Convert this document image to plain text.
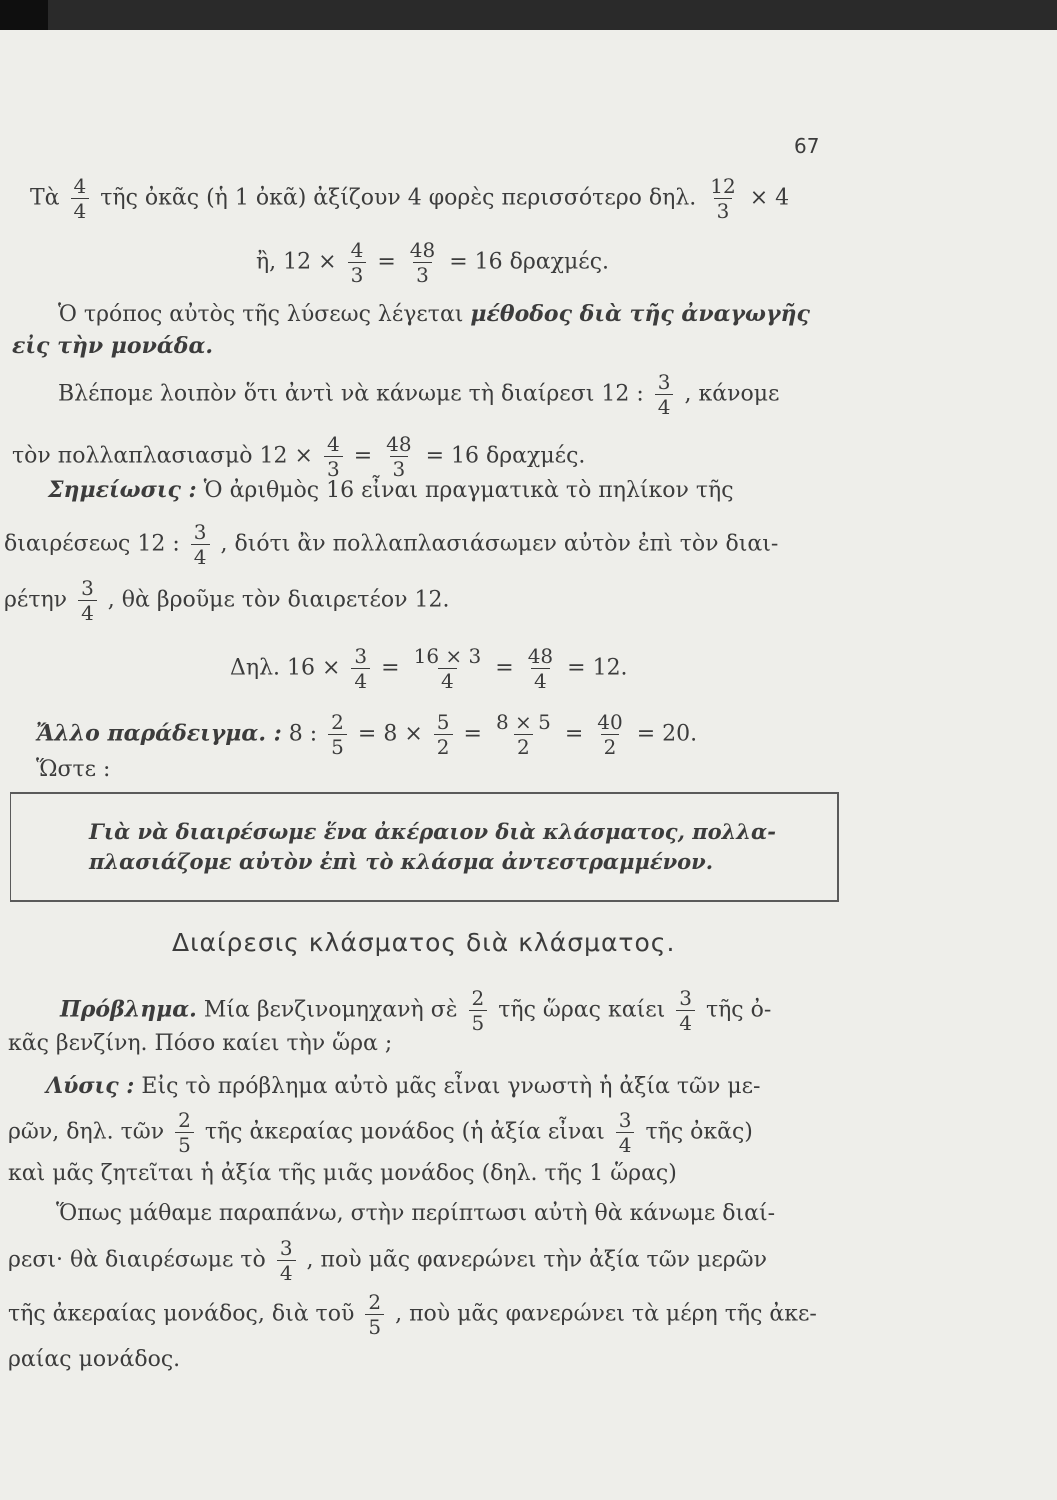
67
Τὰ $\frac{4}{4}$ τῆς ὀκᾶς (ἡ 1 ὀκᾶ) ἀξίζουν 4 φορὲς περισσότερο δηλ. $\frac{12}{3} \times 4$
ἢ, $12 \times \frac{4}{3} = \frac{48}{3} = 16$ δραχμές.
Ὁ τρόπος αὐτὸς τῆς λύσεως λέγεται μέθοδος διὰ τῆς ἀναγωγῆς
εἰς τὴν μονάδα.
Βλέπομε λοιπὸν ὅτι ἀντὶ νὰ κάνωμε τὴ διαίρεσι 12 : $\frac{3}{4}$ , κάνομε
τὸν πολλαπλασιασμὸ $12 \times \frac{4}{3} = \frac{48}{3} = 16$ δραχμές.
Σημείωσις : Ὁ ἀριθμὸς 16 εἶναι πραγματικὰ τὸ πηλίκον τῆς
διαιρέσεως 12 : $\frac{3}{4}$ , διότι ἂν πολλαπλασιάσωμεν αὐτὸν ἐπὶ τὸν διαι-
ρέτην $\frac{3}{4}$ , θὰ βροῦμε τὸν διαιρετέον 12.
Δηλ. $16 \times \frac{3}{4} = \frac{16 \times 3}{4} = \frac{48}{4} = 12$.
Ἄλλο παράδειγμα. : 8 : $\frac{2}{5} = 8 \times \frac{5}{2} = \frac{8 \times 5}{2} = \frac{40}{2} = 20$.
Ὥστε :
Γιὰ νὰ διαιρέσωμε ἕνα ἀκέραιον διὰ κλάσματος, πολλα-
πλασιάζομε αὐτὸν ἐπὶ τὸ κλάσμα ἀντεστραμμένον.
Διαίρεσις κλάσματος διὰ κλάσματος.
Πρόβλημα. Μία βενζινομηχανὴ σὲ $\frac{2}{5}$ τῆς ὥρας καίει $\frac{3}{4}$ τῆς ὀ-
κᾶς βενζίνη. Πόσο καίει τὴν ὥρα ;
Λύσις : Εἰς τὸ πρόβλημα αὐτὸ μᾶς εἶναι γνωστὴ ἡ ἀξία τῶν με-
ρῶν, δηλ. τῶν $\frac{2}{5}$ τῆς ἀκεραίας μονάδος (ἡ ἀξία εἶναι $\frac{3}{4}$ τῆς ὀκᾶς)
καὶ μᾶς ζητεῖται ἡ ἀξία τῆς μιᾶς μονάδος (δηλ. τῆς 1 ὥρας)
Ὅπως μάθαμε παραπάνω, στὴν περίπτωσι αὐτὴ θὰ κάνωμε διαί-
ρεσι· θὰ διαιρέσωμε τὸ $\frac{3}{4}$ , ποὺ μᾶς φανερώνει τὴν ἀξία τῶν μερῶν
τῆς ἀκεραίας μονάδος, διὰ τοῦ $\frac{2}{5}$ , ποὺ μᾶς φανερώνει τὰ μέρη τῆς ἀκε-
ραίας μονάδος.
